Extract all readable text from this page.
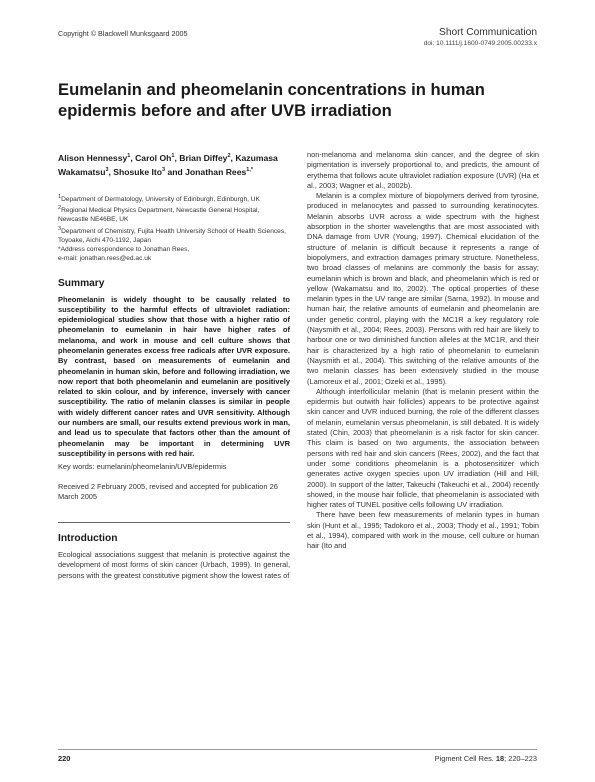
Copyright © Blackwell Munksgaard 2005	Short Communication
doi: 10.1111/j.1600-0749.2005.00233.x
Eumelanin and pheomelanin concentrations in human epidermis before and after UVB irradiation
Alison Hennessy$^1$, Carol Oh$^1$, Brian Diffey$^2$, Kazumasa Wakamatsu$^3$, Shosuke Ito$^3$ and Jonathan Rees$^{1,*}$

$^1$Department of Dermatology, University of Edinburgh, Edinburgh, UK

$^2$Regional Medical Physics Department, Newcastle General Hospital, Newcastle NE46BE, UK

$^3$Department of Chemistry, Fujita Health University School of Health Sciences, Toyoake, Aichi 470-1192, Japan

*Address correspondence to Jonathan Rees,

e-mail: jonathan.rees@ed.ac.uk

Summary

Pheomelanin is widely thought to be causally related to susceptibility to the harmful effects of ultraviolet radiation: epidemiological studies show that those with a higher ratio of pheomelanin to eumelanin in hair have higher rates of melanoma, and work in mouse and cell culture shows that pheomelanin generates excess free radicals after UVR exposure. By contrast, based on measurements of eumelanin and pheomelanin in human skin, before and following irradiation, we now report that both pheomelanin and eumelanin are positively related to skin colour, and by inference, inversely with cancer susceptibility. The ratio of melanin classes is similar in people with widely different cancer rates and UVR sensitivity. Although our numbers are small, our results extend previous work in man, and lead us to speculate that factors other than the amount of pheomelanin may be important in determining UVR susceptibility in persons with red hair.

Key words: eumelanin/pheomelanin/UVB/epidermis
Received 2 February 2005, revised and accepted for publication 26 March 2005
Introduction

Ecological associations suggest that melanin is protective against the development of most forms of skin cancer (Urbach, 1999). In general, persons with the greatest constitutive pigment show the lowest rates of

non-melanoma and melanoma skin cancer, and the degree of skin pigmentation is inversely proportional to, and predicts, the amount of erythema that follows acute ultraviolet radiation exposure (UVR) (Ha et al., 2003; Wagner et al., 2002b).

Melanin is a complex mixture of biopolymers derived from tyrosine, produced in melanocytes and passed to surrounding keratinocytes. Melanin absorbs UVR across a wide spectrum with the highest absorption in the shorter wavelengths that are most associated with DNA damage from UVR (Young, 1997). Chemical elucidation of the structure of melanin is difficult because it represents a range of biopolymers, and extraction damages primary structure. Nonetheless, two broad classes of melanins are commonly the basis for assay; eumelanin which is brown and black, and pheomelanin which is red or yellow (Wakamatsu and Ito, 2002). The optical properties of these melanin types in the UV range are similar (Sarna, 1992). In mouse and human hair, the relative amounts of eumelanin and pheomelanin are under genetic control, playing with the MC1R a key regulatory role (Naysmith et al., 2004; Rees, 2003). Persons with red hair are likely to harbour one or two diminished function alleles at the MC1R, and their hair is characterized by a high ratio of pheomelanin to eumelanin (Naysmith et al., 2004). This switching of the relative amounts of the two melanin classes has been extensively studied in the mouse (Lamoreux et al., 2001; Ozeki et al., 1995).

Although interfollicular melanin (that is melanin present within the epidermis but outwith hair follicles) appears to be protective against skin cancer and UVR induced burning, the role of the different classes of melanin, eumelanin versus pheomelanin, is still debated. It is widely stated (Chin, 2003) that pheomelanin is a risk factor for skin cancer. This claim is based on two arguments, the association between persons with red hair and skin cancers (Rees, 2002), and the fact that under some conditions pheomelanin is a photosensitizer which generates active oxygen species upon UV irradiation (Hill and Hill, 2000). In support of the latter, Takeuchi (Takeuchi et al., 2004) recently showed, in the mouse hair follicle, that pheomelanin is associated with higher rates of TUNEL positive cells following UV irradiation.

There have been few measurements of melanin types in human skin (Hunt et al., 1995; Tadokoro et al., 2003; Thody et al., 1991; Tobin et al., 1994), compared with work in the mouse, cell culture or human hair (Ito and

220	Pigment Cell Res. 18; 220–223
